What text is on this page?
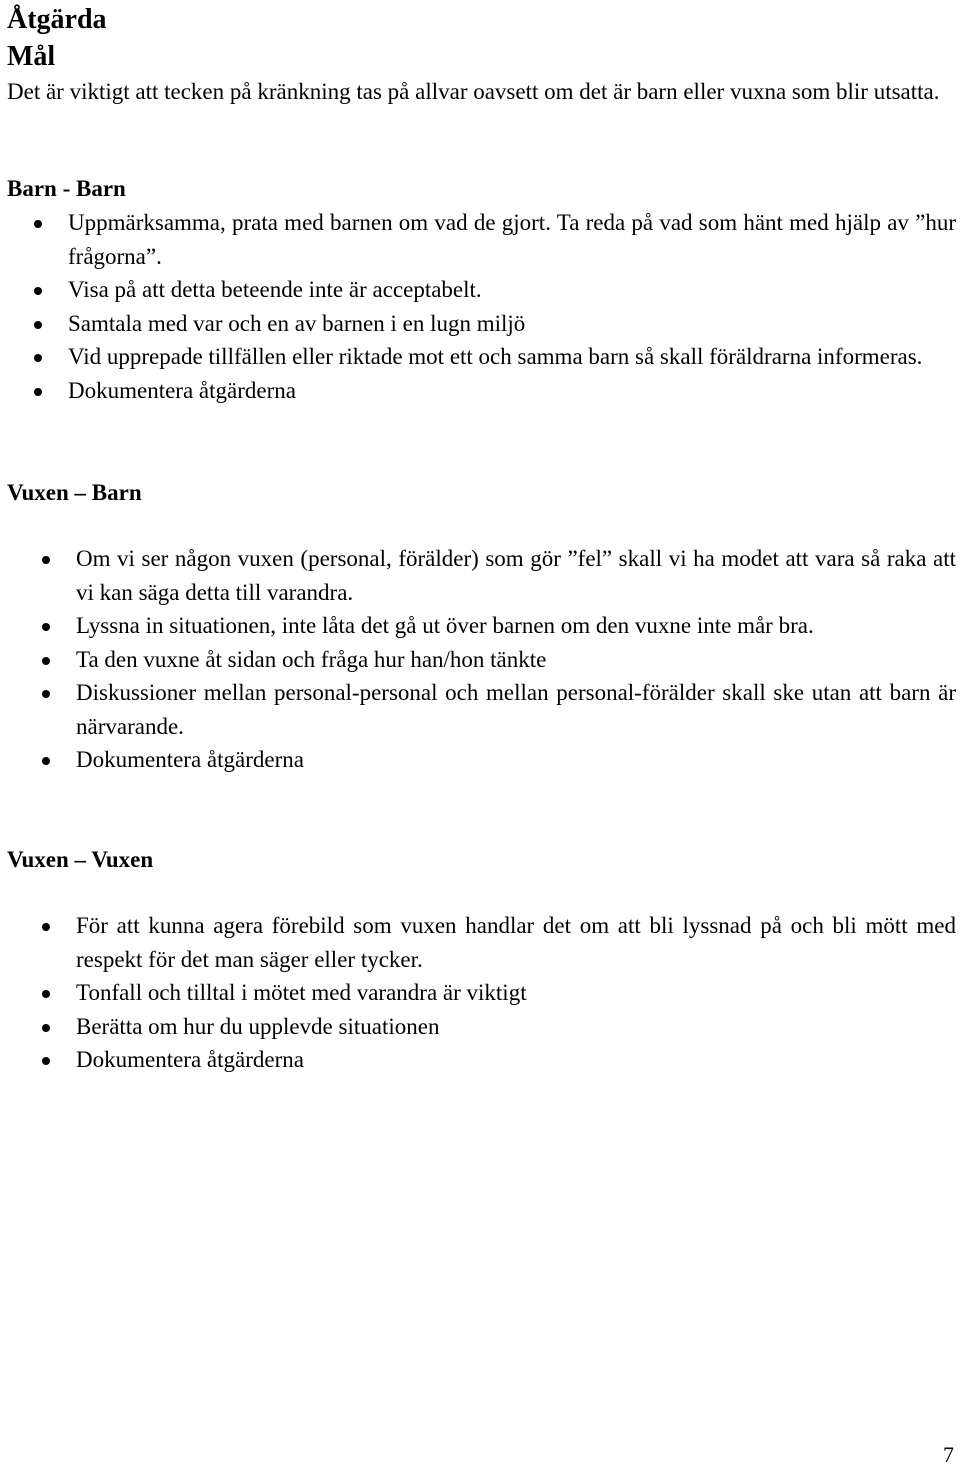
Åtgärda
Mål

Det är viktigt att tecken på kränkning tas på allvar oavsett om det är barn eller vuxna som blir utsatta.

Barn - Barn
Uppmärksamma, prata med barnen om vad de gjort. Ta reda på vad som hänt med hjälp av ”hur frågorna”.
Visa på att detta beteende inte är acceptabelt.
Samtala med var och en av barnen i en lugn miljö
Vid upprepade tillfällen eller riktade mot ett och samma barn så skall föräldrarna informeras.
Dokumentera åtgärderna
Vuxen – Barn
Om vi ser någon vuxen (personal, förälder) som gör ”fel” skall vi ha modet att vara så raka att vi kan säga detta till varandra.
Lyssna in situationen, inte låta det gå ut över barnen om den vuxne inte mår bra.
Ta den vuxne åt sidan och fråga hur han/hon tänkte
Diskussioner mellan personal-personal och mellan personal-förälder skall ske utan att barn är närvarande.
Dokumentera åtgärderna
Vuxen – Vuxen
För att kunna agera förebild som vuxen handlar det om att bli lyssnad på och bli mött med respekt för det man säger eller tycker.
Tonfall och tilltal i mötet med varandra är viktigt
Berätta om hur du upplevde situationen
Dokumentera åtgärderna
7
